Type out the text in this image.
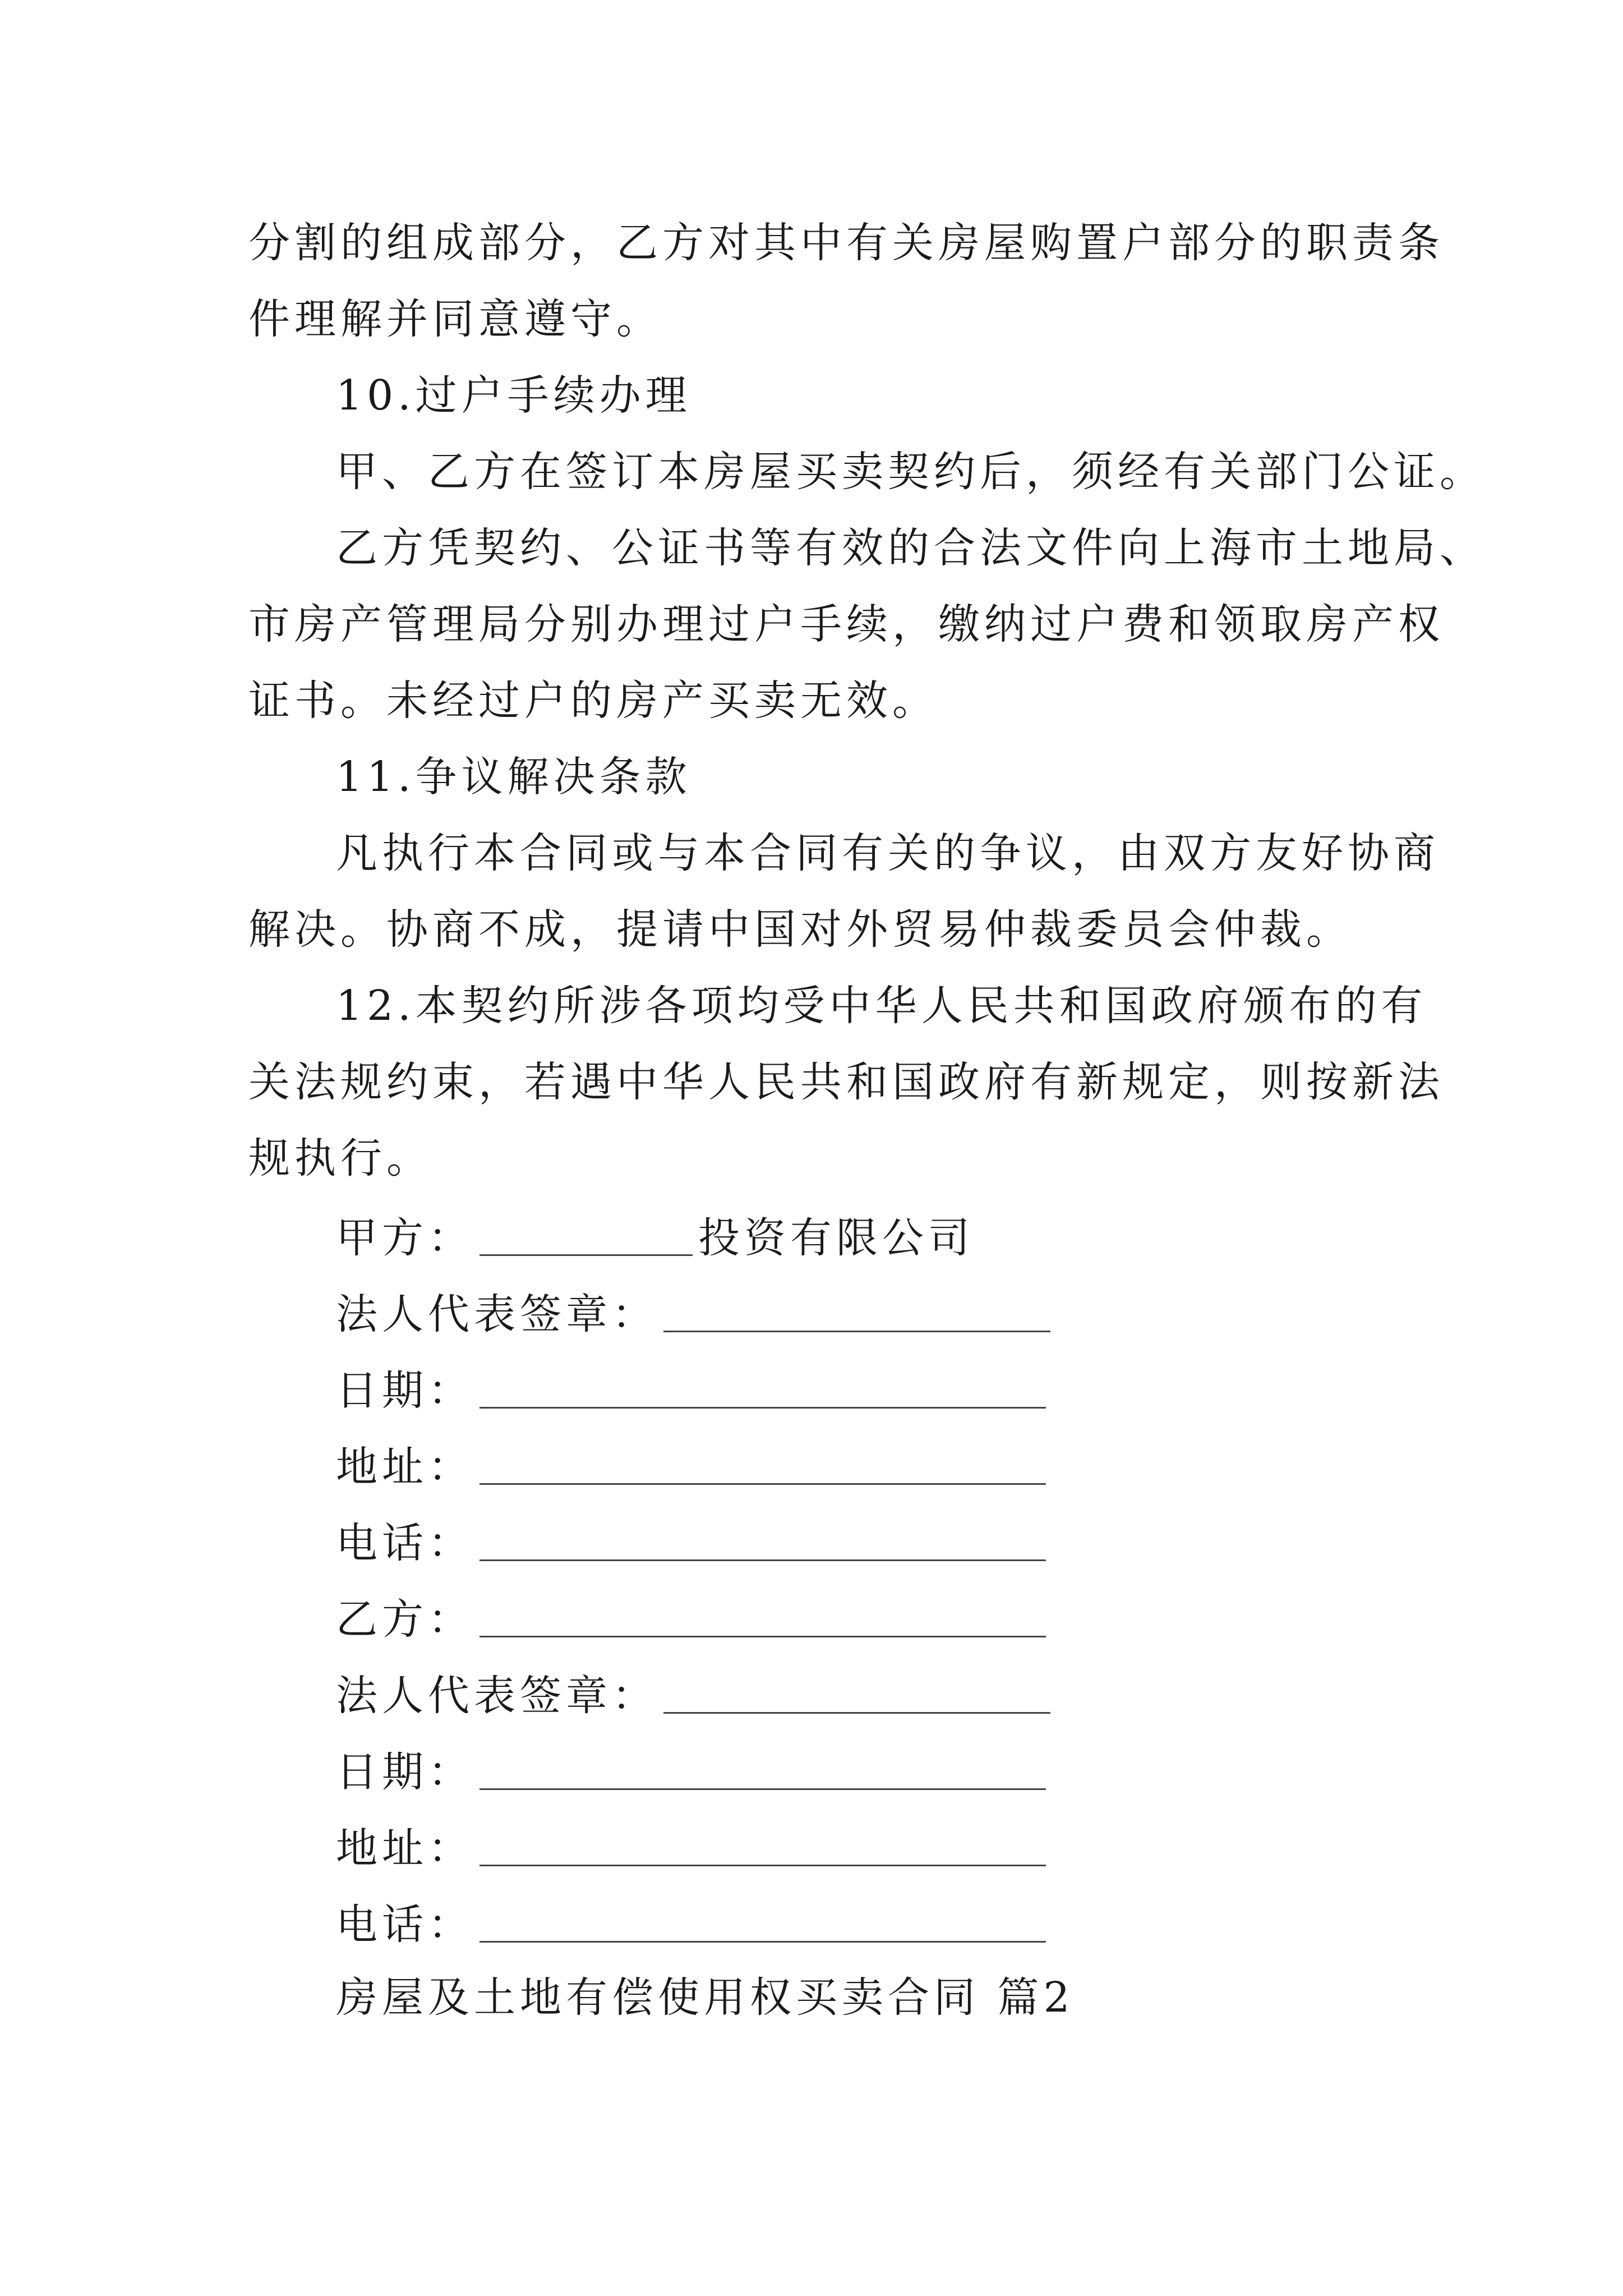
分割的组成部分，乙方对其中有关房屋购置户部分的职责条
件理解并同意遵守。
10.过户手续办理
甲、乙方在签订本房屋买卖契约后，须经有关部门公证。
乙方凭契约、公证书等有效的合法文件向上海市土地局、
市房产管理局分别办理过户手续，缴纳过户费和领取房产权
证书。未经过户的房产买卖无效。
11.争议解决条款
凡执行本合同或与本合同有关的争议，由双方友好协商
解决。协商不成，提请中国对外贸易仲裁委员会仲裁。
12.本契约所涉各项均受中华人民共和国政府颁布的有
关法规约束，若遇中华人民共和国政府有新规定，则按新法
规执行。
甲方：	投资有限公司
法人代表签章：
日期：
地址：
电话：
乙方：
法人代表签章：
日期：
地址：
电话：
房屋及土地有偿使用权买卖合同 篇2
